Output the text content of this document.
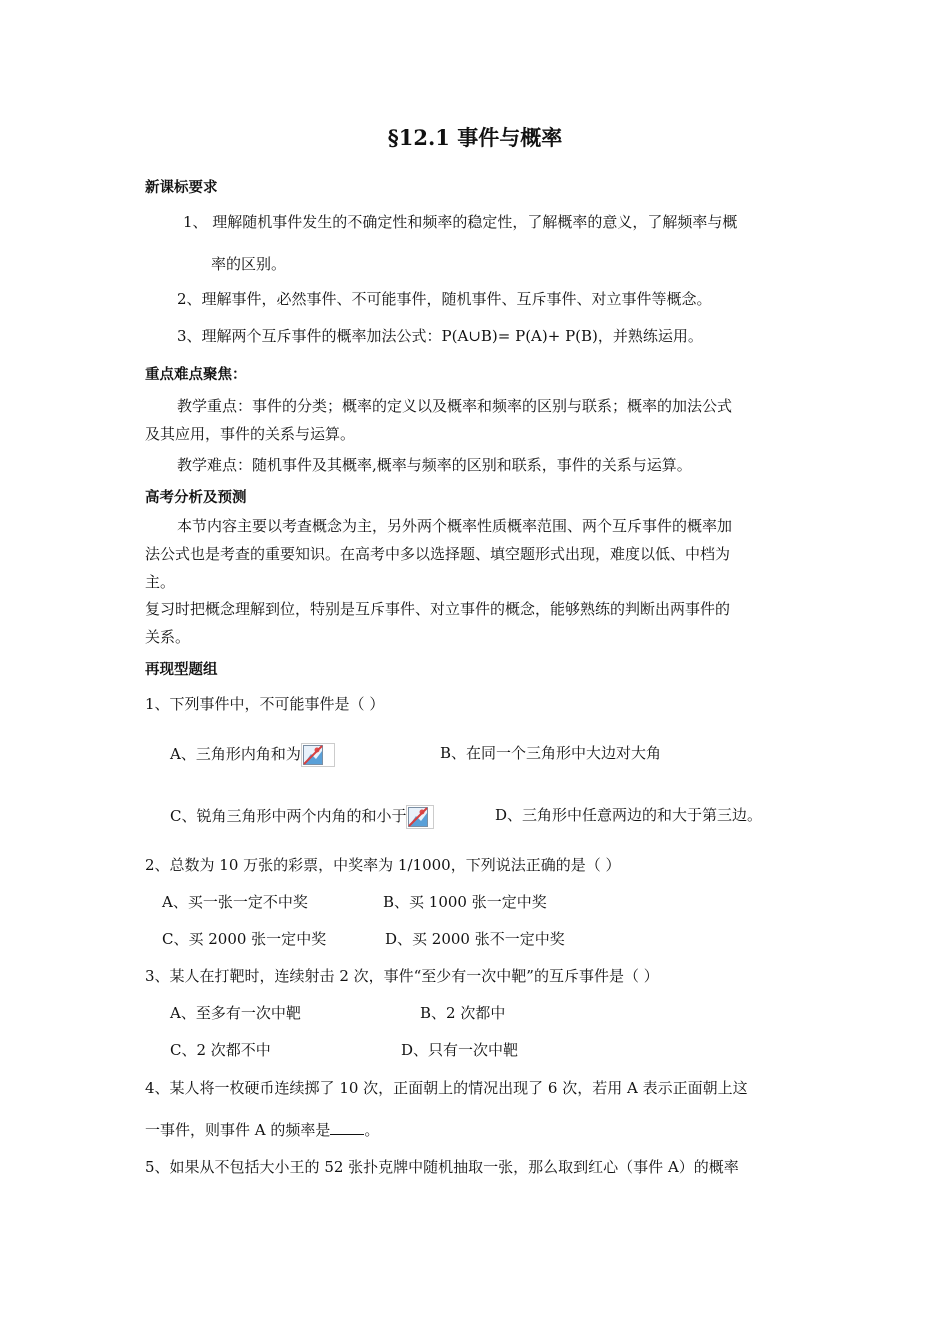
§12.1 事件与概率
新课标要求
1、 理解随机事件发生的不确定性和频率的稳定性，了解概率的意义，了解频率与概
率的区别。
2、理解事件，必然事件、不可能事件，随机事件、互斥事件、对立事件等概念。
3、理解两个互斥事件的概率加法公式：P(A∪B)= P(A)+ P(B)，并熟练运用。
重点难点聚焦：
教学重点：事件的分类；概率的定义以及概率和频率的区别与联系；概率的加法公式
及其应用，事件的关系与运算。
教学难点：随机事件及其概率,概率与频率的区别和联系，事件的关系与运算。
高考分析及预测
本节内容主要以考查概念为主，另外两个概率性质概率范围、两个互斥事件的概率加
法公式也是考查的重要知识。在高考中多以选择题、填空题形式出现，难度以低、中档为
主。
复习时把概念理解到位，特别是互斥事件、对立事件的概念，能够熟练的判断出两事件的
关系。
再现型题组
1、下列事件中，不可能事件是（ ）
A、三角形内角和为	B、在同一个三角形中大边对大角
C、锐角三角形中两个内角的和小于	D、三角形中任意两边的和大于第三边。
2、总数为 10 万张的彩票，中奖率为 1/1000，下列说法正确的是（ ）
A、买一张一定不中奖	B、买 1000 张一定中奖
C、买 2000 张一定中奖	D、买 2000 张不一定中奖
3、某人在打靶时，连续射击 2 次，事件“至少有一次中靶”的互斥事件是（ ）
A、至多有一次中靶	B、2 次都中
C、2 次都不中	D、只有一次中靶
4、某人将一枚硬币连续掷了 10 次，正面朝上的情况出现了 6 次，若用 A 表示正面朝上这
一事件，则事件 A 的频率是 。
5、如果从不包括大小王的 52 张扑克牌中随机抽取一张，那么取到红心（事件 A）的概率
